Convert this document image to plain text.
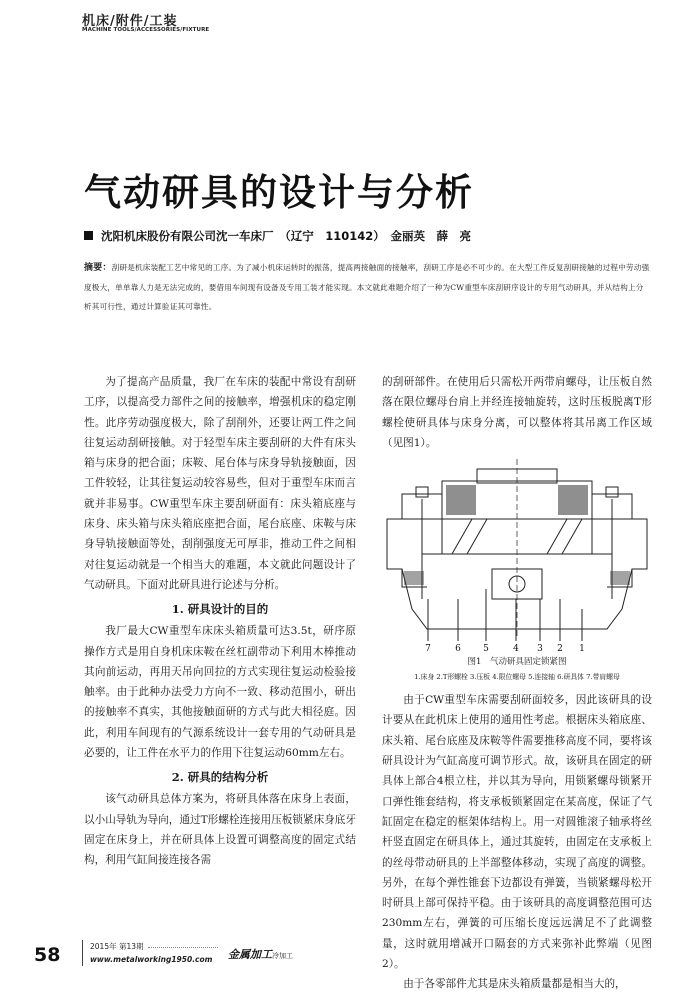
机床/附件/工装
MACHINE TOOLS/ACCESSORIES/FIXTURE
气动研具的设计与分析
沈阳机床股份有限公司沈一车床厂　（辽宁　110142）　金丽英　薛　亮
摘要：刮研是机床装配工艺中常见的工序。为了减小机床运转时的振荡，提高两接触面的接触率，刮研工序是必不可少的。在大型工件反复刮研接触的过程中劳动强度极大，单单靠人力是无法完成的，要借用车间现有设备及专用工装才能实现。本文就此难题介绍了一种为CW重型车床刮研序设计的专用气动研具，并从结构上分析其可行性，通过计算验证其可靠性。

为了提高产品质量，我厂在车床的装配中常设有刮研工序，以提高受力部件之间的接触率，增强机床的稳定刚性。此序劳动强度极大，除了刮削外，还要让两工件之间往复运动刮研接触。对于轻型车床主要刮研的大件有床头箱与床身的把合面；床鞍、尾台体与床身导轨接触面，因工件较轻，让其往复运动较容易些，但对于重型车床而言就并非易事。CW重型车床主要刮研面有：床头箱底座与床身、床头箱与床头箱底座把合面，尾台底座、床鞍与床身导轨接触面等处，刮削强度无可厚非，推动工件之间相对往复运动就是一个相当大的难题，本文就此问题设计了气动研具。下面对此研具进行论述与分析。

1. 研具设计的目的

我厂最大CW重型车床床头箱质量可达3.5t，研序原操作方式是用自身机床床鞍在丝杠副带动下利用木棒推动其向前运动，再用天吊向回拉的方式实现往复运动检验接触率。由于此种办法受力方向不一致、移动范围小，研出的接触率不真实，其他接触面研的方式与此大相径庭。因此，利用车间现有的气源系统设计一套专用的气动研具是必要的，让工件在水平力的作用下往复运动60mm左右。

2. 研具的结构分析

该气动研具总体方案为，将研具体落在床身上表面，以小山导轨为导向，通过T形螺栓连接用压板锁紧床身底牙固定在床身上，并在研具体上设置可调整高度的固定式结构，利用气缸间接连接各需

的刮研部件。在使用后只需松开两带肩螺母，让压板自然落在限位螺母台肩上并经连接轴旋转，这时压板脱离T形螺栓使研具体与床身分离，可以整体将其吊离工作区域（见图1）。

7	6 5	4 3 2 1
图1　气动研具固定锁紧图
1.床身 2.T形螺栓 3.压板 4.限位螺母 5.连接轴 6.研具体 7.带肩螺母

由于CW重型车床需要刮研面较多，因此该研具的设计要从在此机床上使用的通用性考虑。根据床头箱底座、床头箱、尾台底座及床鞍等件需要推移高度不同，要将该研具设计为气缸高度可调节形式。故，该研具在固定的研具体上部合4根立柱，并以其为导向，用锁紧螺母锁紧开口弹性锥套结构，将支承板锁紧固定在某高度，保证了气缸固定在稳定的框架体结构上。用一对圆锥滚子轴承将丝杆竖直固定在研具体上，通过其旋转，由固定在支承板上的丝母带动研具的上半部整体移动，实现了高度的调整。另外，在每个弹性锥套下边都设有弹簧，当锁紧螺母松开时研具上部可保持平稳。由于该研具的高度调整范围可达230mm左右，弹簧的可压缩长度远远满足不了此调整量，这时就用增减开口隔套的方式来弥补此弊端（见图2）。

由于各零部件尤其是床头箱质量都是相当大的，

58	2015年 第13期
www.metalworking1950.com 金属加工冷加工
